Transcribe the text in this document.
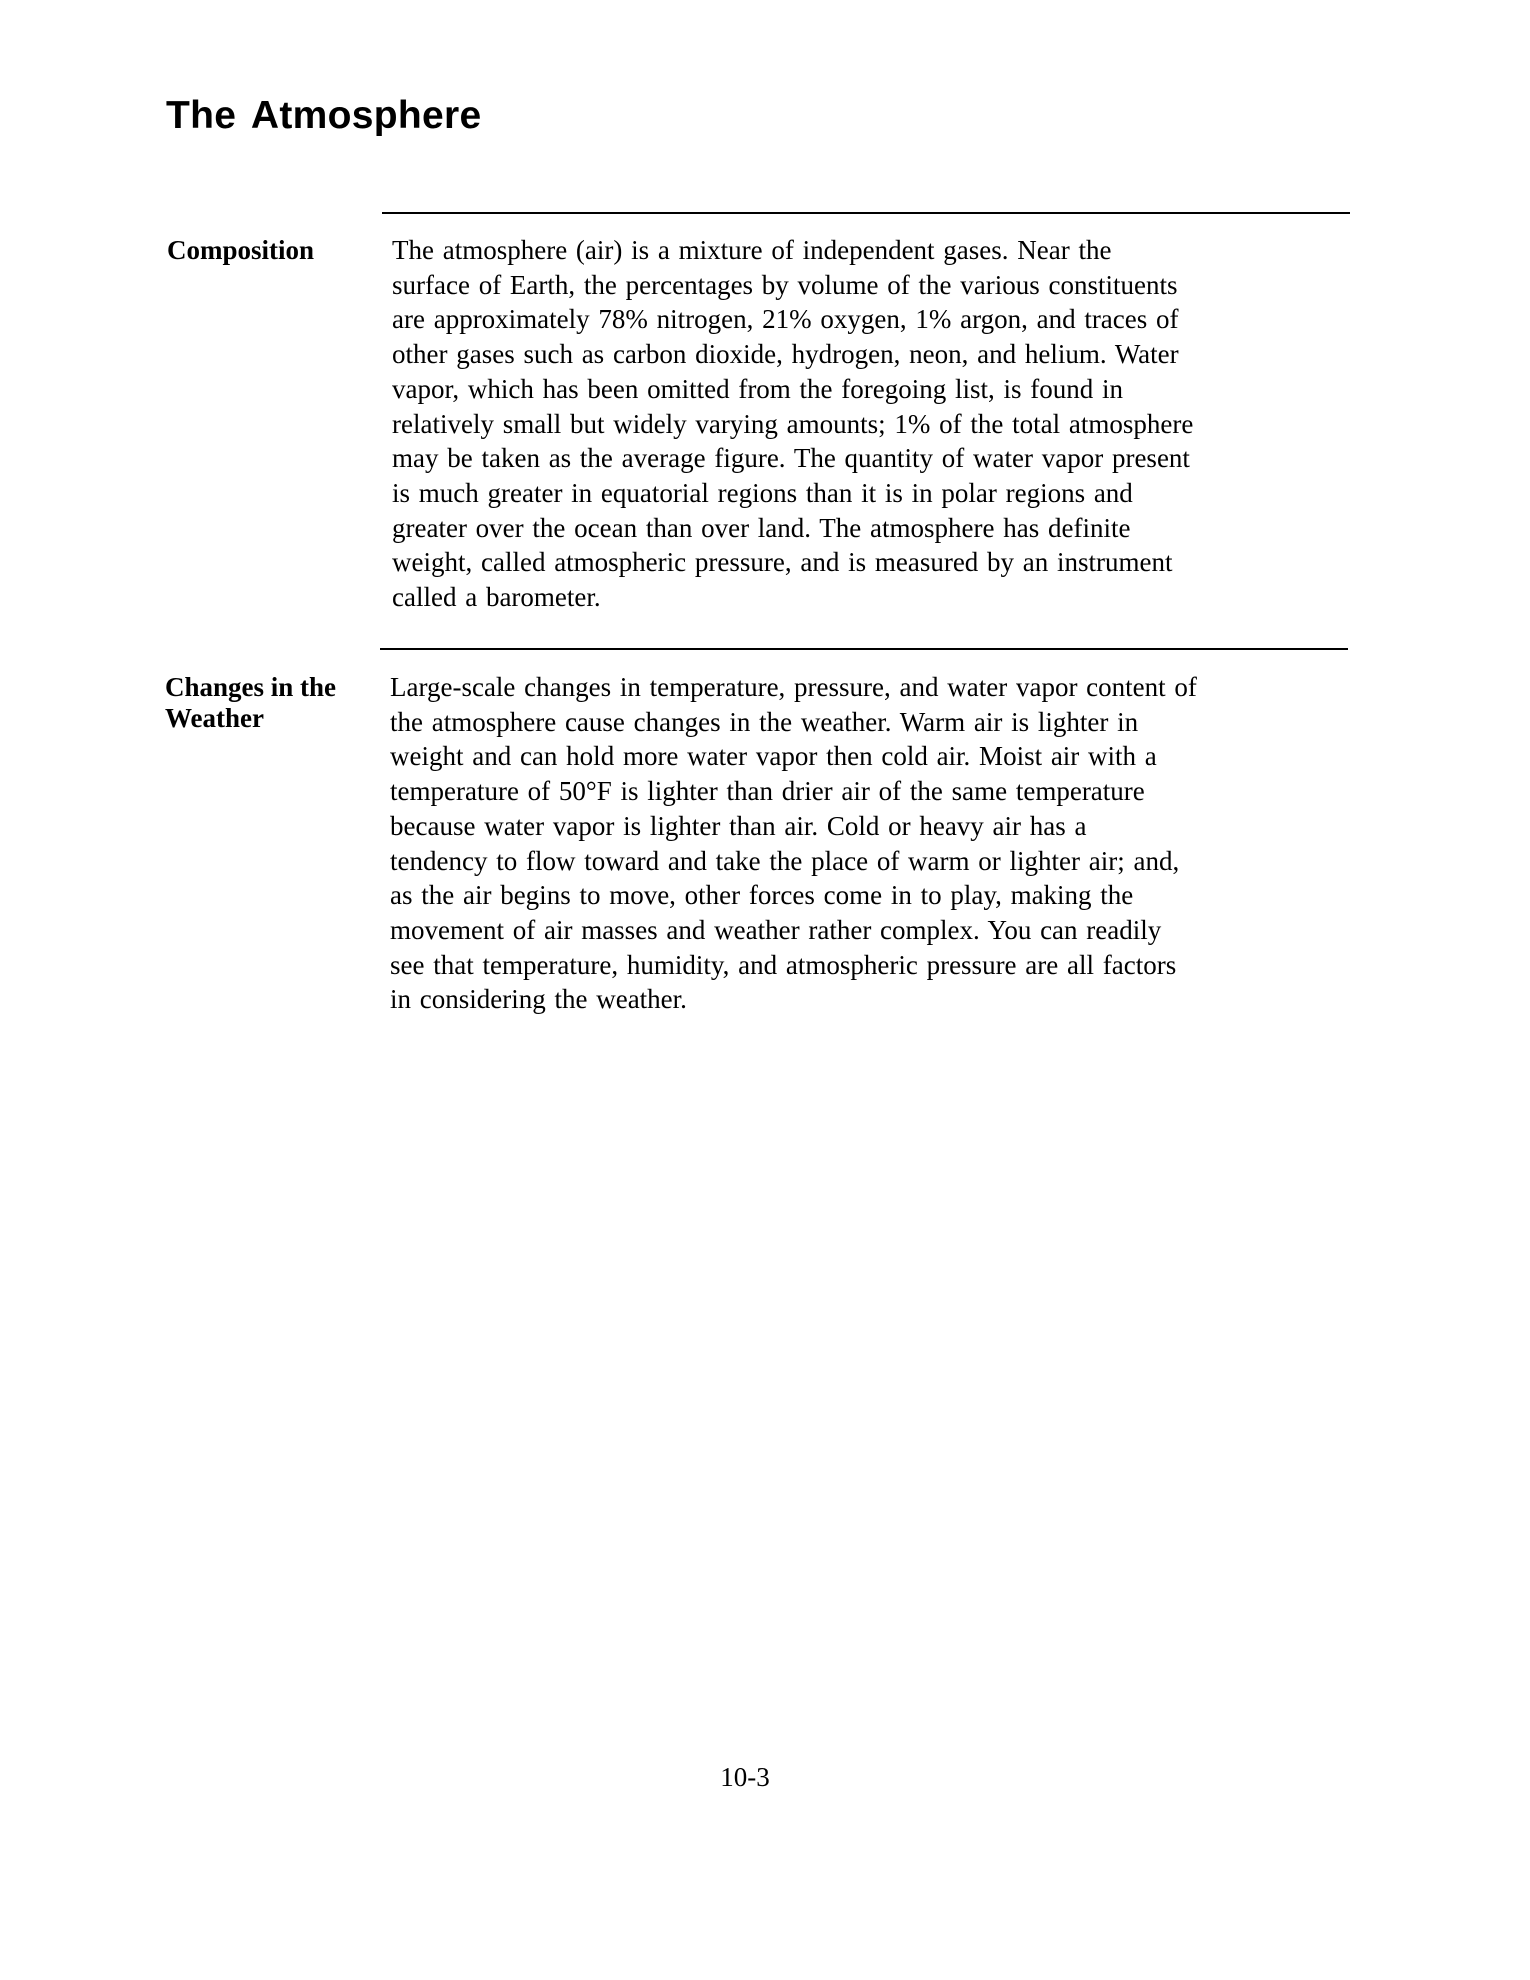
The Atmosphere
Composition	The atmosphere (air) is a mixture of independent gases. Near the
surface of Earth, the percentages by volume of the various constituents
are approximately 78% nitrogen, 21% oxygen, 1% argon, and traces of
other gases such as carbon dioxide, hydrogen, neon, and helium. Water
vapor, which has been omitted from the foregoing list, is found in
relatively small but widely varying amounts; 1% of the total atmosphere
may be taken as the average figure. The quantity of water vapor present
is much greater in equatorial regions than it is in polar regions and
greater over the ocean than over land. The atmosphere has definite
weight, called atmospheric pressure, and is measured by an instrument
called a barometer.

Changes in the
Weather

Large-scale changes in temperature, pressure, and water vapor content of
the atmosphere cause changes in the weather. Warm air is lighter in
weight and can hold more water vapor then cold air. Moist air with a
temperature of 50°F is lighter than drier air of the same temperature
because water vapor is lighter than air. Cold or heavy air has a
tendency to flow toward and take the place of warm or lighter air; and,
as the air begins to move, other forces come in to play, making the
movement of air masses and weather rather complex. You can readily
see that temperature, humidity, and atmospheric pressure are all factors
in considering the weather.

10-3
